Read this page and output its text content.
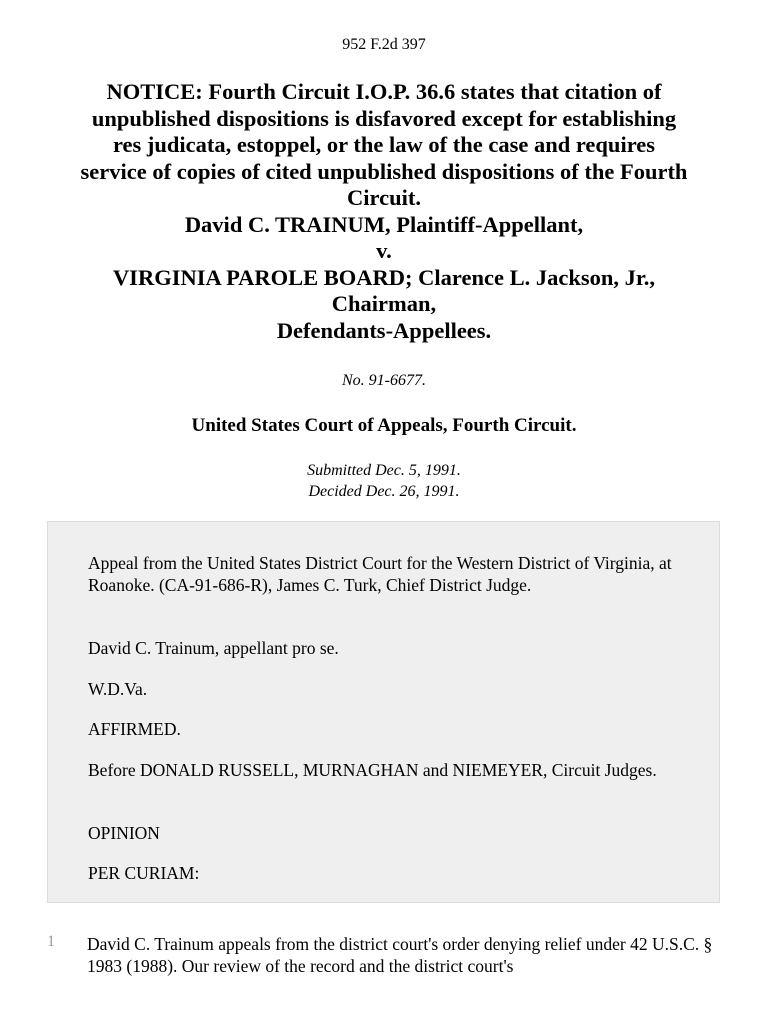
952 F.2d 397
NOTICE: Fourth Circuit I.O.P. 36.6 states that citation of
unpublished dispositions is disfavored except for establishing
res judicata, estoppel, or the law of the case and requires
service of copies of cited unpublished dispositions of the Fourth
Circuit.
David C. TRAINUM, Plaintiff-Appellant,
v.
VIRGINIA PAROLE BOARD; Clarence L. Jackson, Jr.,
Chairman,
Defendants-Appellees.
No. 91-6677.
United States Court of Appeals, Fourth Circuit.
Submitted Dec. 5, 1991.
Decided Dec. 26, 1991.
Appeal from the United States District Court for the Western District of Virginia, at Roanoke. (CA-91-686-R), James C. Turk, Chief District Judge.
David C. Trainum, appellant pro se.
W.D.Va.
AFFIRMED.
Before DONALD RUSSELL, MURNAGHAN and NIEMEYER, Circuit Judges.
OPINION
PER CURIAM:
1 David C. Trainum appeals from the district court's order denying relief under 42 U.S.C. § 1983 (1988). Our review of the record and the district court's
